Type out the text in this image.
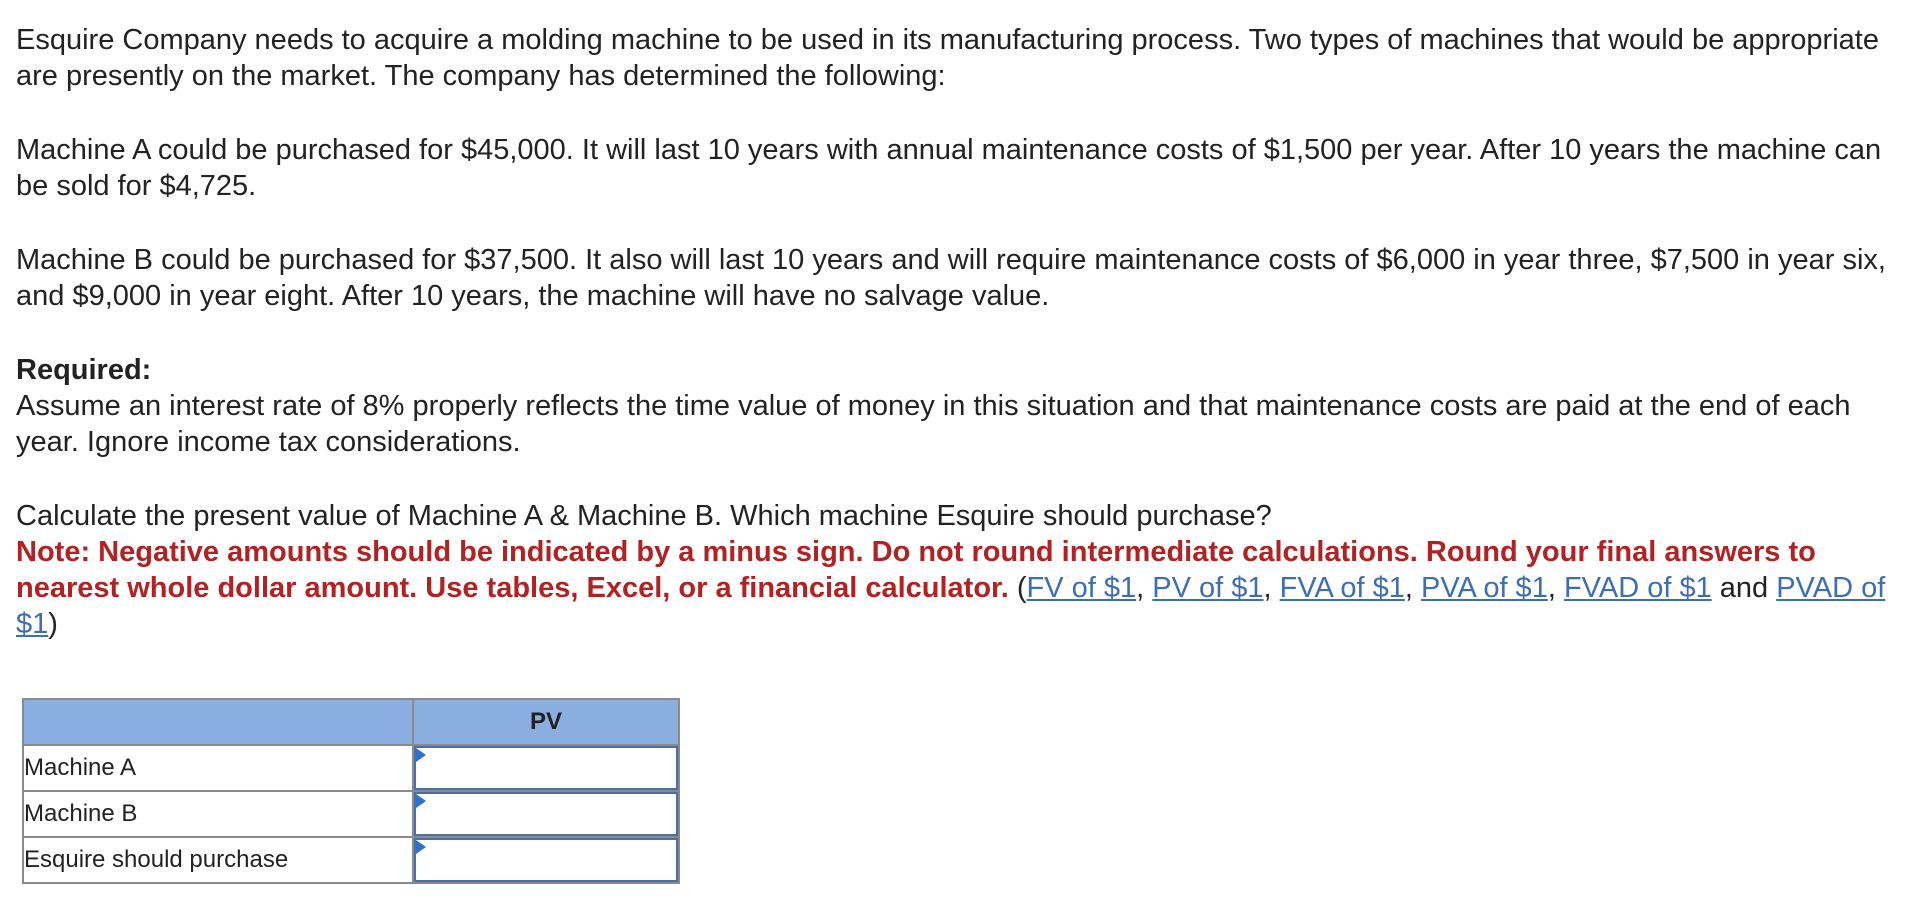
Esquire Company needs to acquire a molding machine to be used in its manufacturing process. Two types of machines that would be appropriate are presently on the market. The company has determined the following:

Machine A could be purchased for $45,000. It will last 10 years with annual maintenance costs of $1,500 per year. After 10 years the machine can be sold for $4,725.

Machine B could be purchased for $37,500. It also will last 10 years and will require maintenance costs of $6,000 in year three, $7,500 in year six, and $9,000 in year eight. After 10 years, the machine will have no salvage value.

Required:
Assume an interest rate of 8% properly reflects the time value of money in this situation and that maintenance costs are paid at the end of each year. Ignore income tax considerations.

Calculate the present value of Machine A & Machine B. Which machine Esquire should purchase?
Note: Negative amounts should be indicated by a minus sign. Do not round intermediate calculations. Round your final answers to nearest whole dollar amount. Use tables, Excel, or a financial calculator. (FV of $1, PV of $1, FVA of $1, PVA of $1, FVAD of $1 and PVAD of $1)

	PV
Machine A	

Machine B	

Esquire should purchase	
